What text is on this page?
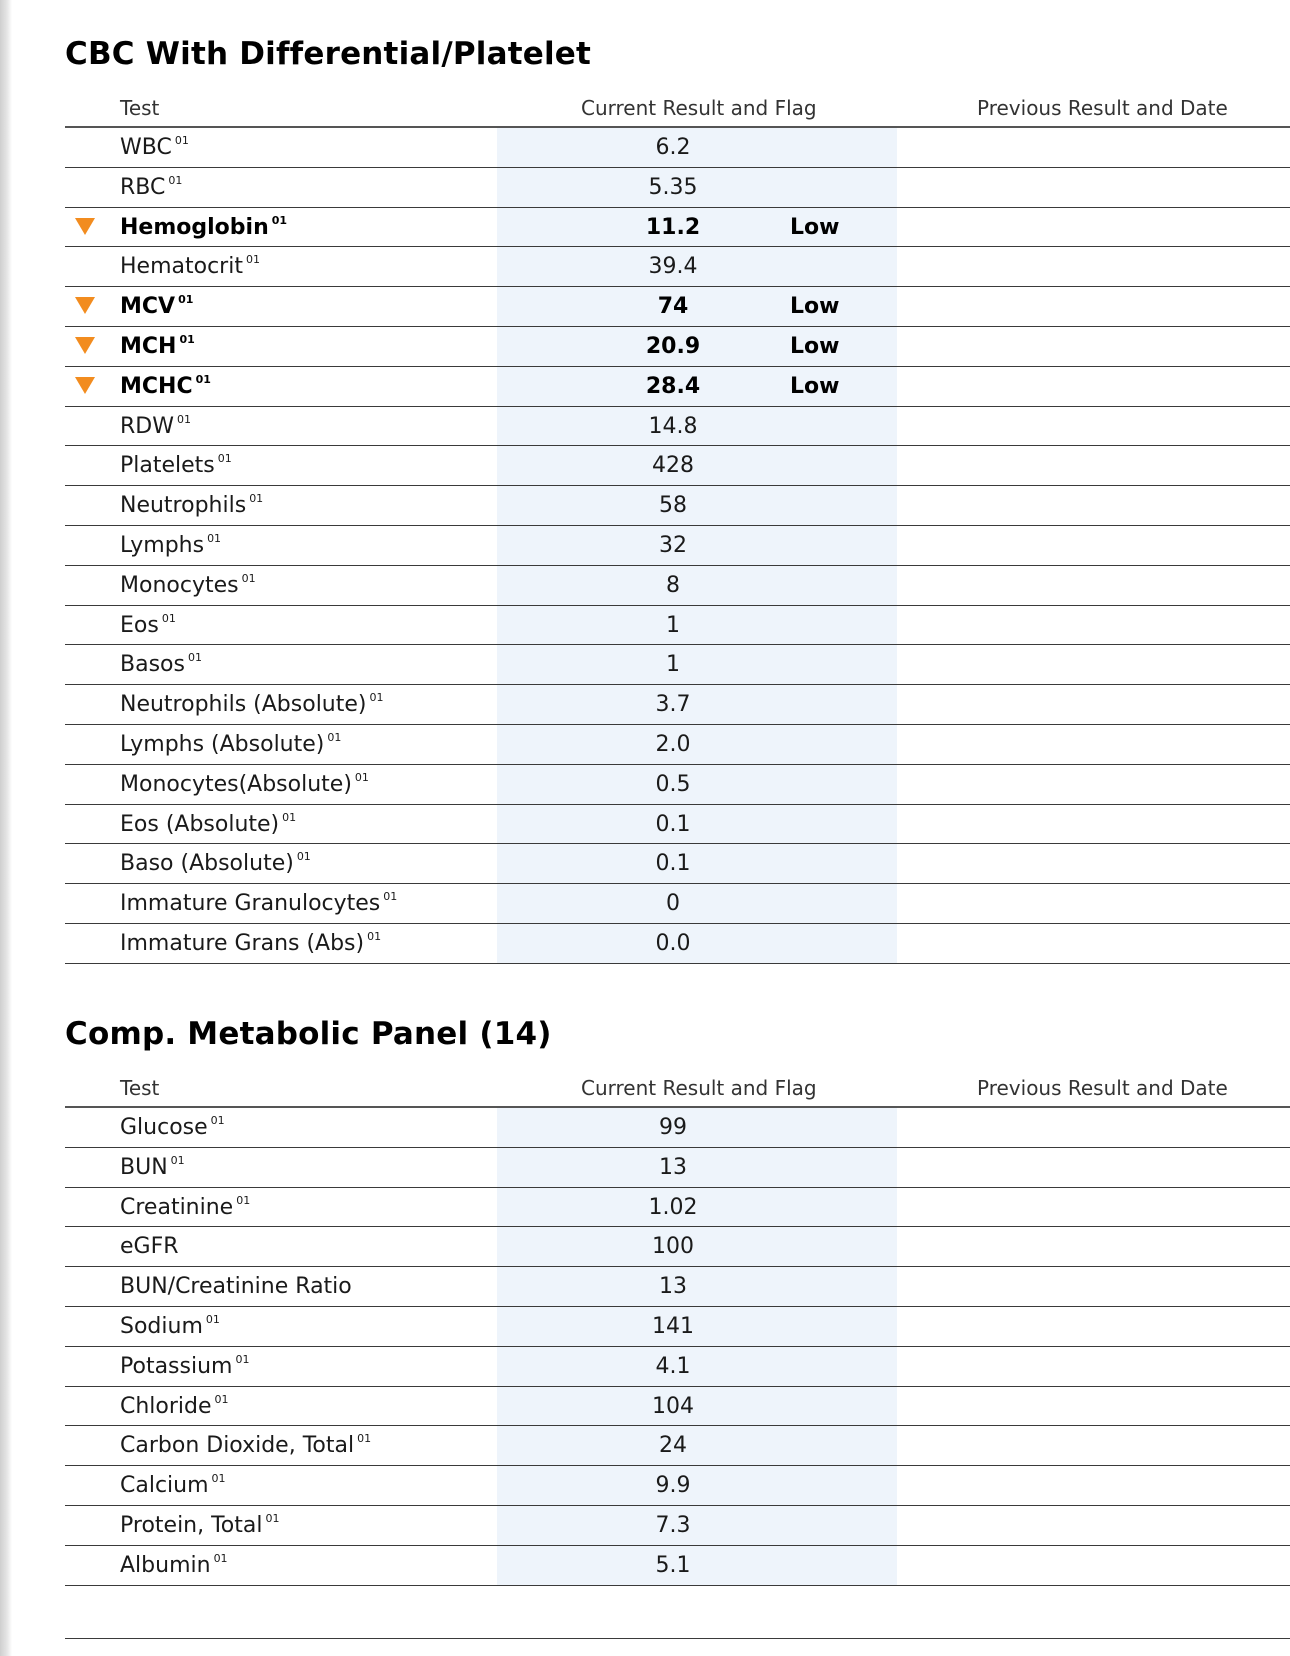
CBC With Differential/Platelet
Test	Current Result and Flag	Previous Result and Date
WBC $^{01}$	6.2
RBC $^{01}$	5.35
Hemoglobin $^{01}$	11.2	Low
Hematocrit $^{01}$	39.4
MCV $^{01}$	74	Low
MCH $^{01}$	20.9	Low
MCHC $^{01}$	28.4	Low
RDW $^{01}$	14.8
Platelets $^{01}$	428
Neutrophils $^{01}$	58
Lymphs $^{01}$	32
Monocytes $^{01}$	8
Eos $^{01}$	1
Basos $^{01}$	1
Neutrophils (Absolute) $^{01}$	3.7
Lymphs (Absolute) $^{01}$	2.0
Monocytes(Absolute) $^{01}$	0.5
Eos (Absolute) $^{01}$	0.1
Baso (Absolute) $^{01}$	0.1
Immature Granulocytes $^{01}$	0
Immature Grans (Abs) $^{01}$	0.0
Comp. Metabolic Panel (14)
Test	Current Result and Flag	Previous Result and Date
Glucose $^{01}$	99
BUN $^{01}$	13
Creatinine $^{01}$	1.02
eGFR	100
BUN/Creatinine Ratio	13
Sodium $^{01}$	141
Potassium $^{01}$	4.1
Chloride $^{01}$	104
Carbon Dioxide, Total $^{01}$	24
Calcium $^{01}$	9.9
Protein, Total $^{01}$	7.3
Albumin $^{01}$	5.1
